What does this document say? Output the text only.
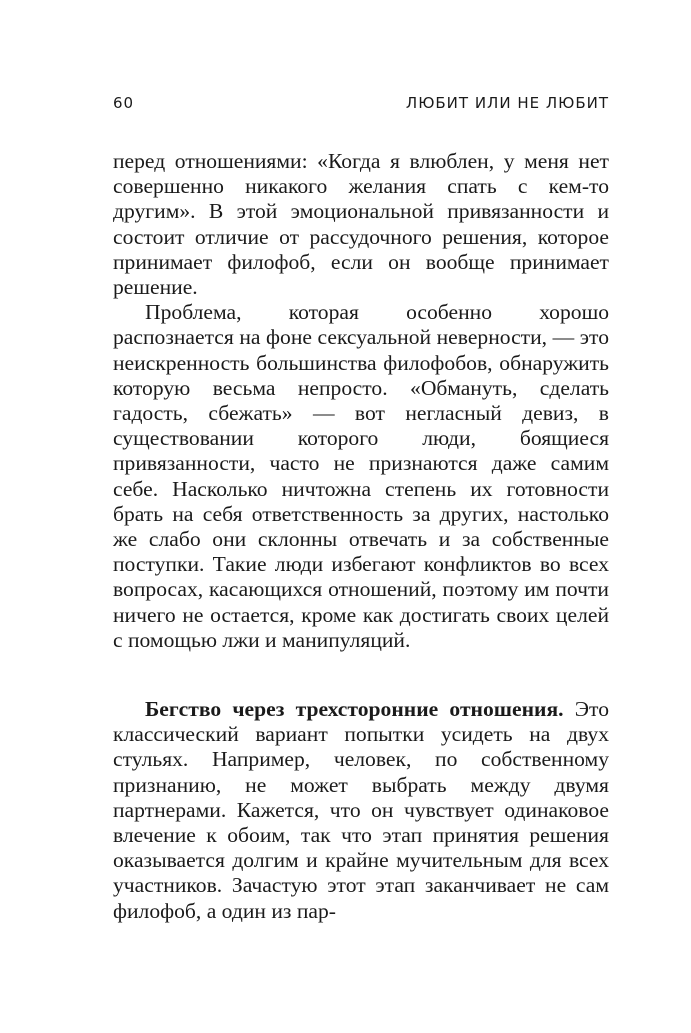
60	ЛЮБИТ ИЛИ НЕ ЛЮБИТ

перед отношениями: «Когда я влюблен, у меня нет совершенно никакого желания спать с кем-то другим». В этой эмоциональной привязанности и состоит отличие от рассудочного решения, которое принимает филофоб, если он вообще принимает решение.

Проблема, которая особенно хорошо распознается на фоне сексуальной неверности, — это неискренность большинства филофобов, обнаружить которую весьма непросто. «Обмануть, сделать гадость, сбежать» — вот негласный девиз, в существовании которого люди, боящиеся привязанности, часто не признаются даже самим себе. Насколько ничтожна степень их готовности брать на себя ответственность за других, настолько же слабо они склонны отвечать и за собственные поступки. Такие люди избегают конфликтов во всех вопросах, касающихся отношений, поэтому им почти ничего не остается, кроме как достигать своих целей с помощью лжи и манипуляций.

Бегство через трехсторонние отношения. Это классический вариант попытки усидеть на двух стульях. Например, человек, по собственному признанию, не может выбрать между двумя партнерами. Кажется, что он чувствует одинаковое влечение к обоим, так что этап принятия решения оказывается долгим и крайне мучительным для всех участников. Зачастую этот этап заканчивает не сам филофоб, а один из пар-
